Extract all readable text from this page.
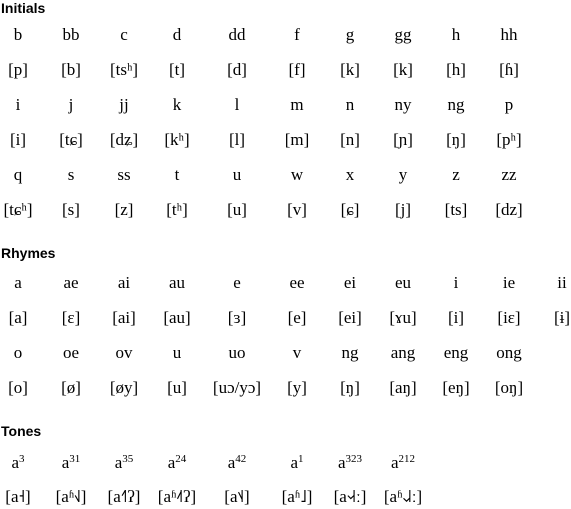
Initials
b	bb	c	d	dd	f	g	gg	h	hh
[p]	[b]	[tsʰ]	[t]	[d]	[f]	[k]	[k]	[h]	[ɦ]
i	j	jj	k	l	m	n	ny	ng	p
[i]	[tɕ]	[dʑ]	[kʰ]	[l]	[m]	[n]	[ɲ]	[ŋ]	[pʰ]
q	s	ss	t	u	w	x	y	z	zz
[tɕʰ]	[s]	[z]	[tʰ]	[u]	[v]	[ɕ]	[j]	[ts]	[dz]
Rhymes
a	ae	ai	au	e	ee	ei	eu	i	ie	ii
[a]	[ɛ]	[ai]	[au]	[ɜ]	[e]	[ei]	[ɤu]	[i]	[iɛ]	[ɨ]
o	oe	ov	u	uo	v	ng	ang	eng	ong
[o]	[ø]	[øy]	[u]	[uɔ/yɔ]	[y]	[ŋ]	[aŋ]	[eŋ]	[oŋ]
Tones
$a^3$	$a^{31}$	$a^{35}$	$a^{24}$	$a^{42}$	$a^1$	$a^{323}$	$a^{212}$
[a˧]	[aʱ˧˩]	[a˧˥ʔ]	[aʱ˨˦ʔ]	[a˦˨]	[aʱ˩]	[a˧˨˧ː]	[aʱ˨˩˨ː]
